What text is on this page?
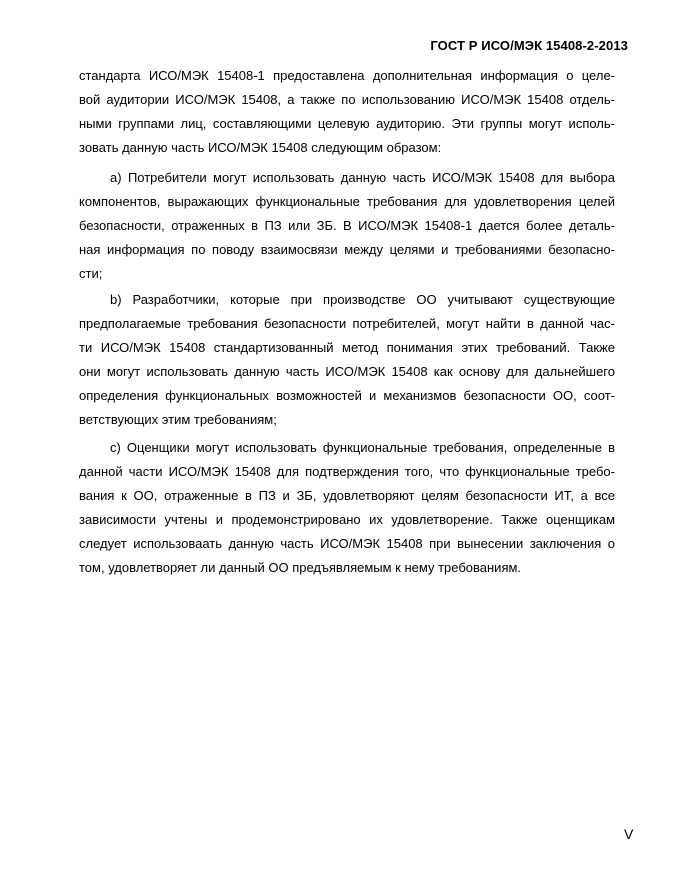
ГОСТ Р ИСО/МЭК 15408-2-2013
стандарта ИСО/МЭК 15408-1 предоставлена дополнительная информация о целе-
вой аудитории ИСО/МЭК 15408, а также по использованию ИСО/МЭК 15408 отдель-
ными группами лиц, составляющими целевую аудиторию. Эти группы могут исполь-
зовать данную часть ИСО/МЭК 15408 следующим образом:
а) Потребители могут использовать данную часть ИСО/МЭК 15408 для выбора
компонентов, выражающих функциональные требования для удовлетворения целей
безопасности, отраженных в ПЗ или ЗБ. В ИСО/МЭК 15408-1 дается более деталь-
ная информация по поводу взаимосвязи между целями и требованиями безопасно-
сти;
b) Разработчики, которые при производстве ОО учитывают существующие
предполагаемые требования безопасности потребителей, могут найти в данной час-
ти ИСО/МЭК 15408 стандартизованный метод понимания этих требований. Также
они могут использовать данную часть ИСО/МЭК 15408 как основу для дальнейшего
определения функциональных возможностей и механизмов безопасности ОО, соот-
ветствующих этим требованиям;
с) Оценщики могут использовать функциональные требования, определенные в
данной части ИСО/МЭК 15408 для подтверждения того, что функциональные требо-
вания к ОО, отраженные в ПЗ и ЗБ, удовлетворяют целям безопасности ИТ, а все
зависимости учтены и продемонстрировано их удовлетворение. Также оценщикам
следует использоваать данную часть ИСО/МЭК 15408 при вынесении заключения о
том, удовлетворяет ли данный ОО предъявляемым к нему требованиям.
V
